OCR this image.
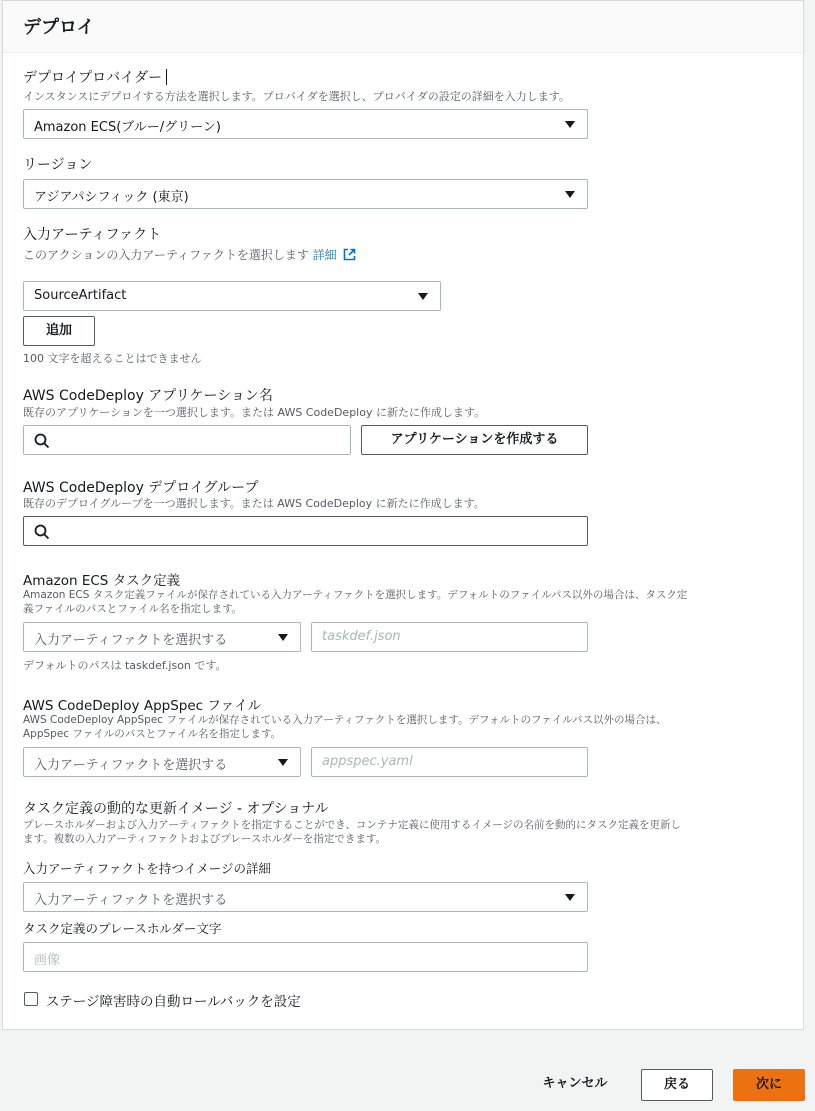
デプロイ
デプロイプロバイダー
インスタンスにデプロイする方法を選択します。プロバイダを選択し、プロバイダの設定の詳細を入力します。
Amazon ECS(ブルー/グリーン)
リージョン
アジアパシフィック (東京)
入力アーティファクト
このアクションの入力アーティファクトを選択します 詳細
SourceArtifact
追加
100 文字を超えることはできません
AWS CodeDeploy アプリケーション名
既存のアプリケーションを一つ選択します。または AWS CodeDeploy に新たに作成します。
アプリケーションを作成する
AWS CodeDeploy デプロイグループ
既存のデプロイグループを一つ選択します。または AWS CodeDeploy に新たに作成します。
Amazon ECS タスク定義
Amazon ECS タスク定義ファイルが保存されている入力アーティファクトを選択します。デフォルトのファイルパス以外の場合は、タスク定
義ファイルのパスとファイル名を指定します。
入力アーティファクトを選択する	taskdef.json
デフォルトのパスは taskdef.json です。
AWS CodeDeploy AppSpec ファイル
AWS CodeDeploy AppSpec ファイルが保存されている入力アーティファクトを選択します。デフォルトのファイルパス以外の場合は、
AppSpec ファイルのパスとファイル名を指定します。
入力アーティファクトを選択する	appspec.yaml
タスク定義の動的な更新イメージ - オプショナル
プレースホルダーおよび入力アーティファクトを指定することができ、コンテナ定義に使用するイメージの名前を動的にタスク定義を更新し
ます。複数の入力アーティファクトおよびプレースホルダーを指定できます。
入力アーティファクトを持つイメージの詳細
入力アーティファクトを選択する
タスク定義のプレースホルダー文字
画像
ステージ障害時の自動ロールバックを設定
キャンセル	戻る	次に
